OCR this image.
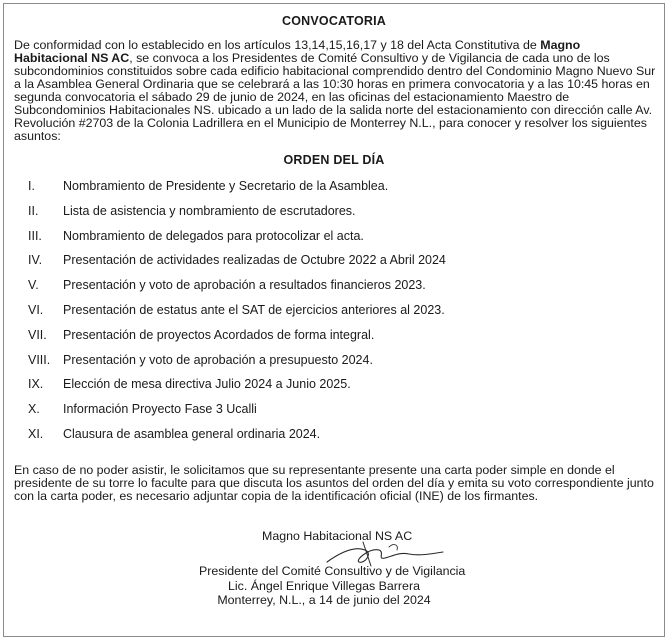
CONVOCATORIA
De conformidad con lo establecido en los artículos 13,14,15,16,17 y 18 del Acta Constitutiva de Magno Habitacional NS AC, se convoca a los Presidentes de Comité Consultivo y de Vigilancia de cada uno de los subcondominios constituidos sobre cada edificio habitacional comprendido dentro del Condominio Magno Nuevo Sur a la Asamblea General Ordinaria que se celebrará a las 10:30 horas en primera convocatoria y a las 10:45 horas en segunda convocatoria el sábado 29 de junio de 2024, en las oficinas del estacionamiento Maestro de Subcondominios Habitacionales NS. ubicado a un lado de la salida norte del estacionamiento con dirección calle Av. Revolución #2703 de la Colonia Ladrillera en el Municipio de Monterrey N.L., para conocer y resolver los siguientes asuntos:
ORDEN DEL DÍA
I. Nombramiento de Presidente y Secretario de la Asamblea.
II. Lista de asistencia y nombramiento de escrutadores.
III. Nombramiento de delegados para protocolizar el acta.
IV. Presentación de actividades realizadas de Octubre 2022 a Abril 2024
V. Presentación y voto de aprobación a resultados financieros 2023.
VI. Presentación de estatus ante el SAT de ejercicios anteriores al 2023.
VII. Presentación de proyectos Acordados de forma integral.
VIII. Presentación y voto de aprobación a presupuesto 2024.
IX. Elección de mesa directiva Julio 2024 a Junio 2025.
X. Información Proyecto Fase 3 Ucalli
XI. Clausura de asamblea general ordinaria 2024.
En caso de no poder asistir, le solicitamos que su representante presente una carta poder simple en donde el presidente de su torre lo faculte para que discuta los asuntos del orden del día y emita su voto correspondiente junto con la carta poder, es necesario adjuntar copia de la identificación oficial (INE) de los firmantes.
Magno Habitacional NS AC
Presidente del Comité Consultivo y de Vigilancia
Lic. Ángel Enrique Villegas Barrera
Monterrey, N.L., a 14 de junio del 2024
